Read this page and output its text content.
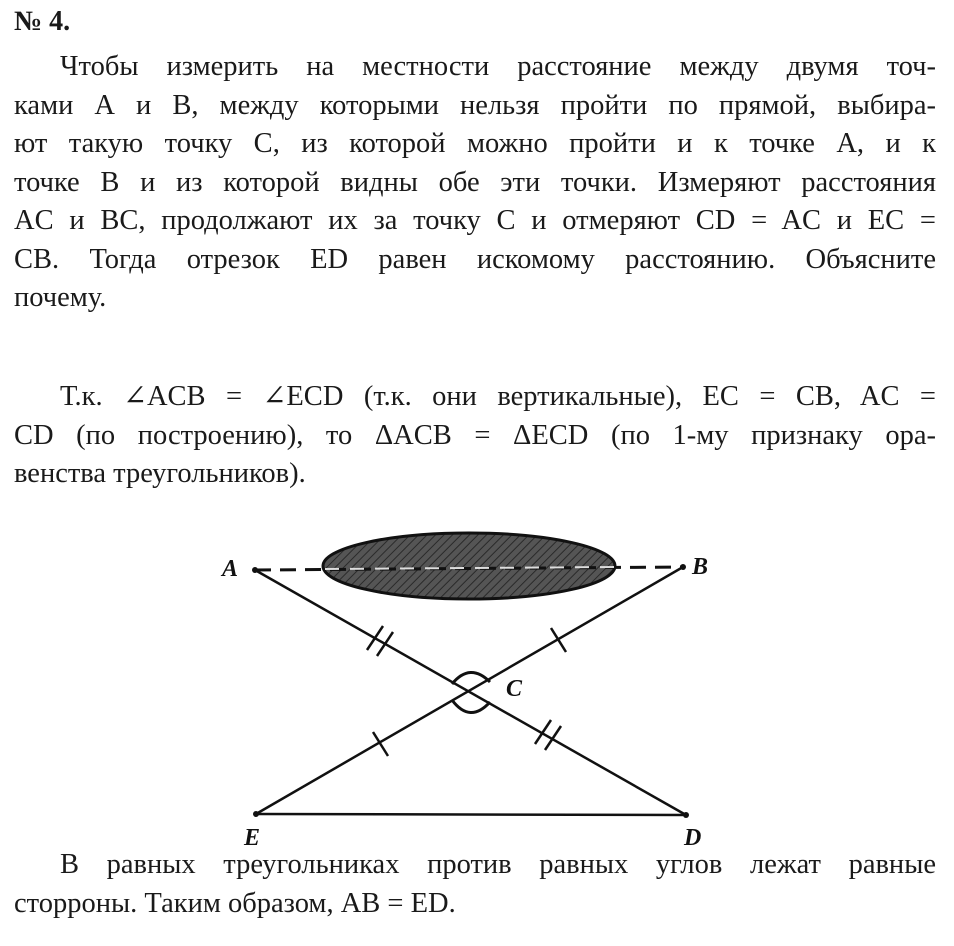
№ 4.
Чтобы измерить на местности расстояние между двумя точ-
ками А и В, между которыми нельзя пройти по прямой, выбира-
ют такую точку C, из которой можно пройти и к точке A, и к
точке B и из которой видны обе эти точки. Измеряют расстояния
AC и BC, продолжают их за точку C и отмеряют CD = AC и EC =
CB. Тогда отрезок ED равен искомому расстоянию. Объясните
почему.
Т.к. ∠ACB = ∠ECD (т.к. они вертикальные), EC = CB, AC =
CD (по построению), то ΔACB = ΔECD (по 1-му признаку ора-
венства треугольников).
A	B
C
E	D
В равных треугольниках против равных углов лежат равные
сторроны. Таким образом, AB = ED.
